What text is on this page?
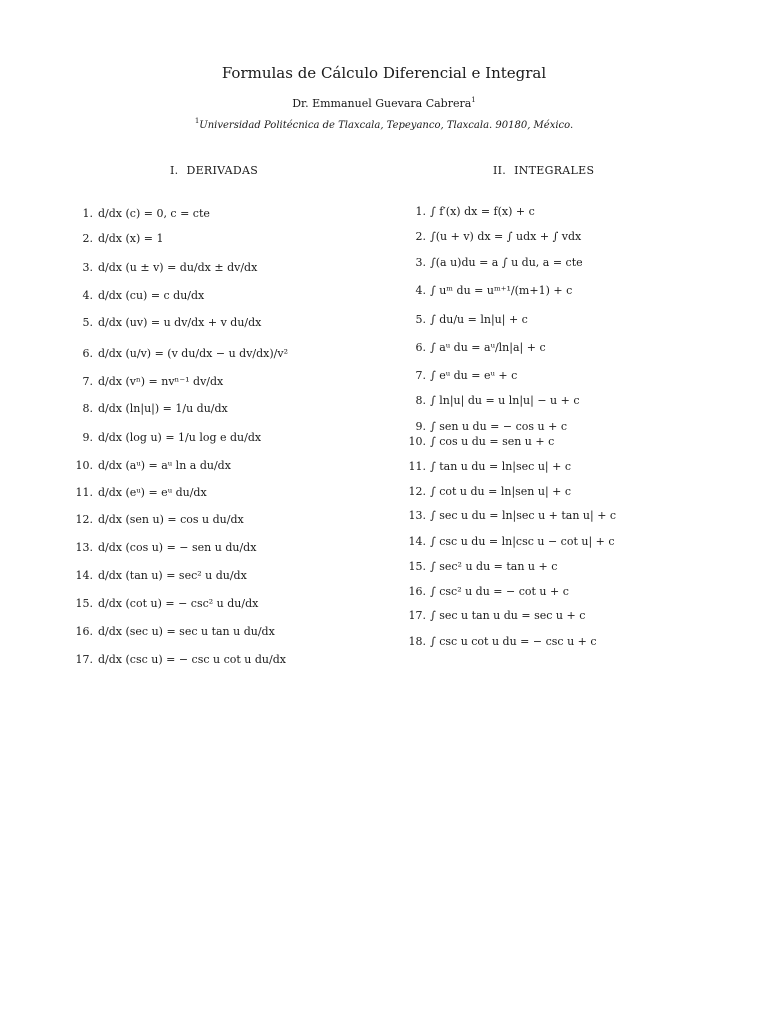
Formulas de Cálculo Diferencial e Integral
Dr. Emmanuel Guevara Cabrera$^1$
$^1$Universidad Politécnica de Tlaxcala, Tepeyanco, Tlaxcala. 90180, México.
I. DERIVADAS	II. INTEGRALES
1. d/dx (c) = 0, c = cte
2. d/dx (x) = 1
3. d/dx (u ± v) = du/dx ± dv/dx
4. d/dx (cu) = c du/dx
5. d/dx (uv) = u dv/dx + v du/dx
6. d/dx (u/v) = (v du/dx − u dv/dx)/v²
7. d/dx (vⁿ) = nvⁿ⁻¹ dv/dx
8. d/dx (ln|u|) = 1/u du/dx
9. d/dx (log u) = 1/u log e du/dx
10. d/dx (aᵘ) = aᵘ ln a du/dx
11. d/dx (eᵘ) = eᵘ du/dx
12. d/dx (sen u) = cos u du/dx
13. d/dx (cos u) = − sen u du/dx
14. d/dx (tan u) = sec² u du/dx
15. d/dx (cot u) = − csc² u du/dx
16. d/dx (sec u) = sec u tan u du/dx
17. d/dx (csc u) = − csc u cot u du/dx
1. ∫ f′(x) dx = f(x) + c
2. ∫(u + v) dx = ∫ udx + ∫ vdx
3. ∫(a u)du = a ∫ u du, a = cte
4. ∫ uᵐ du = uᵐ⁺¹/(m+1) + c
5. ∫ du/u = ln|u| + c
6. ∫ aᵘ du = aᵘ/ln|a| + c
7. ∫ eᵘ du = eᵘ + c
8. ∫ ln|u| du = u ln|u| − u + c
9. ∫ sen u du = − cos u + c
10. ∫ cos u du = sen u + c
11. ∫ tan u du = ln|sec u| + c
12. ∫ cot u du = ln|sen u| + c
13. ∫ sec u du = ln|sec u + tan u| + c
14. ∫ csc u du = ln|csc u − cot u| + c
15. ∫ sec² u du = tan u + c
16. ∫ csc² u du = − cot u + c
17. ∫ sec u tan u du = sec u + c
18. ∫ csc u cot u du = − csc u + c
